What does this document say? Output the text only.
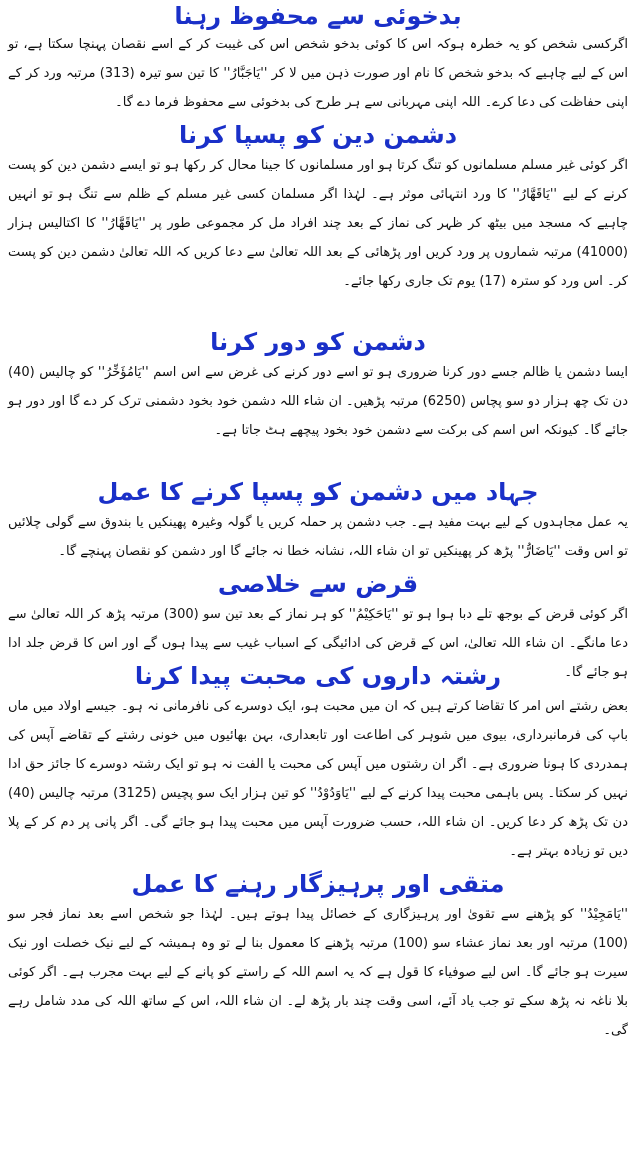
بدخوئی سے محفوظ رہنا

اگرکسی شخص کو یہ خطرہ ہوکہ اس کا کوئی بدخو شخص اس کی غیبت کر کے اسے نقصان پہنچا سکتا ہے، تو اس کے لیے چاہیے کہ بدخو شخص کا نام اور صورت ذہن میں لا کر ''یَاجَبَّارُ'' کا تین سو تیرہ (313) مرتبہ ورد کر کے اپنی حفاظت کی دعا کرے۔ اللہ اپنی مہربانی سے ہر طرح کی بدخوئی سے محفوظ فرما دے گا۔

دشمن دین کو پسپا کرنا

اگر کوئی غیر مسلم مسلمانوں کو تنگ کرتا ہو اور مسلمانوں کا جینا محال کر رکھا ہو تو ایسے دشمن دین کو پست کرنے کے لیے ''یَاقَهَّارُ'' کا ورد انتہائی موثر ہے۔ لہٰذا اگر مسلمان کسی غیر مسلم کے ظلم سے تنگ ہو تو انہیں چاہیے کہ مسجد میں بیٹھ کر ظہر کی نماز کے بعد چند افراد مل کر مجموعی طور پر ''یَاقَهَّارُ'' کا اکتالیس ہزار (41000) مرتبہ شماروں پر ورد کریں اور پڑھائی کے بعد اللہ تعالیٰ سے دعا کریں کہ اللہ تعالیٰ دشمن دین کو پست کر۔ اس ورد کو سترہ (17) یوم تک جاری رکھا جائے۔

دشمن کو دور کرنا

ایسا دشمن یا ظالم جسے دور کرنا ضروری ہو تو اسے دور کرنے کی غرض سے اس اسم ''یَامُؤَخِّرُ'' کو چالیس (40) دن تک چھ ہزار دو سو پچاس (6250) مرتبہ پڑھیں۔ ان شاء اللہ دشمن خود بخود دشمنی ترک کر دے گا اور دور ہو جائے گا۔ کیونکہ اس اسم کی برکت سے دشمن خود بخود پیچھے ہٹ جاتا ہے۔

جہاد میں دشمن کو پسپا کرنے کا عمل

یہ عمل مجاہدوں کے لیے بہت مفید ہے۔ جب دشمن پر حملہ کریں یا گولہ وغیرہ پھینکیں یا بندوق سے گولی چلائیں تو اس وقت ''یَاضَارُّ'' پڑھ کر پھینکیں تو ان شاء اللہ، نشانہ خطا نہ جائے گا اور دشمن کو نقصان پہنچے گا۔

قرض سے خلاصی

اگر کوئی قرض کے بوجھ تلے دبا ہوا ہو تو ''یَاحَکِیْمُ'' کو ہر نماز کے بعد تین سو (300) مرتبہ پڑھ کر اللہ تعالیٰ سے دعا مانگے۔ ان شاء اللہ تعالیٰ، اس کے قرض کی ادائیگی کے اسباب غیب سے پیدا ہوں گے اور اس کا قرض جلد ادا ہو جائے گا۔

رشتہ داروں کی محبت پیدا کرنا

بعض رشتے اس امر کا تقاضا کرتے ہیں کہ ان میں محبت ہو، ایک دوسرے کی نافرمانی نہ ہو۔ جیسے اولاد میں ماں باپ کی فرمانبرداری، بیوی میں شوہر کی اطاعت اور تابعداری، بہن بھائیوں میں خونی رشتے کے تقاضے آپس کی ہمدردی کا ہونا ضروری ہے۔ اگر ان رشتوں میں آپس کی محبت یا الفت نہ ہو تو ایک رشتہ دوسرے کا جائز حق ادا نہیں کر سکتا۔ پس باہمی محبت پیدا کرنے کے لیے ''یَاوَدُوْدُ'' کو تین ہزار ایک سو پچیس (3125) مرتبہ چالیس (40) دن تک پڑھ کر دعا کریں۔ ان شاء اللہ، حسب ضرورت آپس میں محبت پیدا ہو جائے گی۔ اگر پانی پر دم کر کے پلا دیں تو زیادہ بہتر ہے۔

متقی اور پرہیزگار رہنے کا عمل

''یَامَجِیْدُ'' کو پڑھنے سے تقویٰ اور پرہیزگاری کے خصائل پیدا ہوتے ہیں۔ لہٰذا جو شخص اسے بعد نماز فجر سو (100) مرتبہ اور بعد نماز عشاء سو (100) مرتبہ پڑھنے کا معمول بنا لے تو وہ ہمیشہ کے لیے نیک خصلت اور نیک سیرت ہو جائے گا۔ اس لیے صوفیاء کا قول ہے کہ یہ اسم اللہ کے راستے کو پانے کے لیے بہت مجرب ہے۔ اگر کوئی بلا ناغہ نہ پڑھ سکے تو جب یاد آئے، اسی وقت چند بار پڑھ لے۔ ان شاء اللہ، اس کے ساتھ اللہ کی مدد شامل رہے گی۔
